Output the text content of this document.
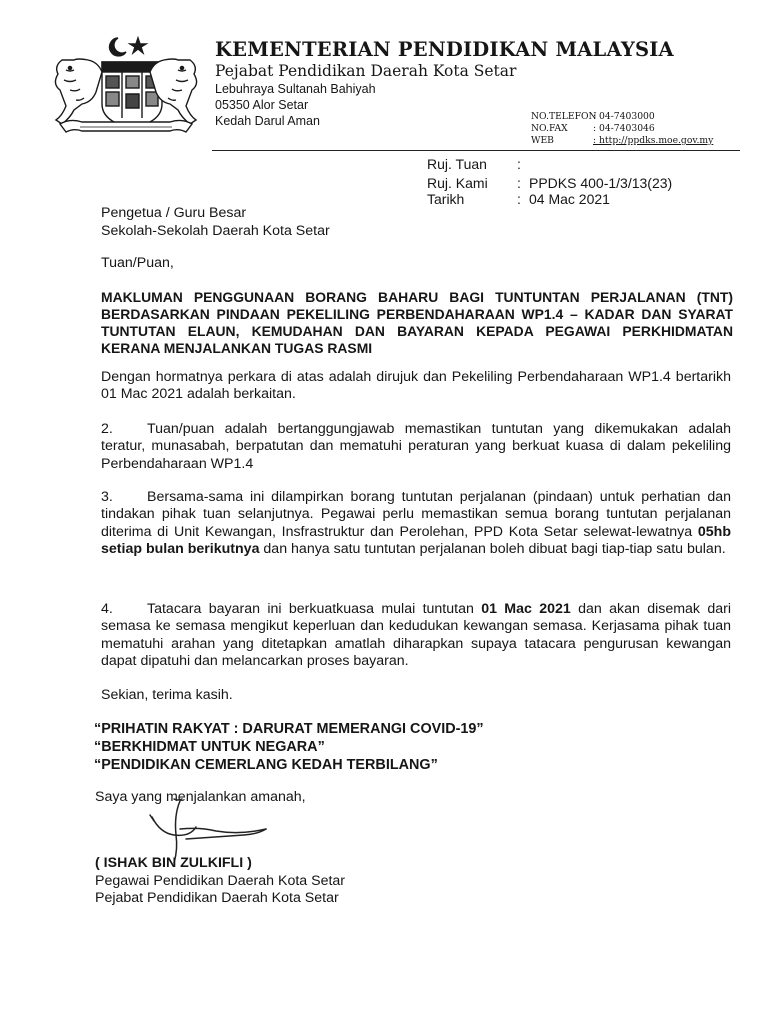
KEMENTERIAN PENDIDIKAN MALAYSIA
Pejabat Pendidikan Daerah Kota Setar
Lebuhraya Sultanah Bahiyah
05350 Alor Setar
Kedah Darul Aman	NO.TELEFON: 04-7403000
NO.FAX	: 04-7403046
WEB	: http://ppdks.moe.gov.my
Ruj. Tuan :
Ruj. Kami : PPDKS 400-1/3/13(23)
Tarikh	: 04 Mac 2021
Pengetua / Guru Besar
Sekolah-Sekolah Daerah Kota Setar
Tuan/Puan,
MAKLUMAN PENGGUNAAN BORANG BAHARU BAGI TUNTUNTAN PERJALANAN (TNT) BERDASARKAN PINDAAN PEKELILING PERBENDAHARAAN WP1.4 – KADAR DAN SYARAT TUNTUTAN ELAUN, KEMUDAHAN DAN BAYARAN KEPADA PEGAWAI PERKHIDMATAN KERANA MENJALANKAN TUGAS RASMI
Dengan hormatnya perkara di atas adalah dirujuk dan Pekeliling Perbendaharaan WP1.4 bertarikh 01 Mac 2021 adalah berkaitan.
2. Tuan/puan adalah bertanggungjawab memastikan tuntutan yang dikemukakan adalah teratur, munasabah, berpatutan dan mematuhi peraturan yang berkuat kuasa di dalam pekeliling Perbendaharaan WP1.4
3. Bersama-sama ini dilampirkan borang tuntutan perjalanan (pindaan) untuk perhatian dan tindakan pihak tuan selanjutnya. Pegawai perlu memastikan semua borang tuntutan perjalanan diterima di Unit Kewangan, Insfrastruktur dan Perolehan, PPD Kota Setar selewat-lewatnya 05hb setiap bulan berikutnya dan hanya satu tuntutan perjalanan boleh dibuat bagi tiap-tiap satu bulan.
4. Tatacara bayaran ini berkuatkuasa mulai tuntutan 01 Mac 2021 dan akan disemak dari semasa ke semasa mengikut keperluan dan kedudukan kewangan semasa. Kerjasama pihak tuan mematuhi arahan yang ditetapkan amatlah diharapkan supaya tatacara pengurusan kewangan dapat dipatuhi dan melancarkan proses bayaran.
Sekian, terima kasih.
“PRIHATIN RAKYAT : DARURAT MEMERANGI COVID-19”
“BERKHIDMAT UNTUK NEGARA”
“PENDIDIKAN CEMERLANG KEDAH TERBILANG”
Saya yang menjalankan amanah,
( ISHAK BIN ZULKIFLI )
Pegawai Pendidikan Daerah Kota Setar
Pejabat Pendidikan Daerah Kota Setar
